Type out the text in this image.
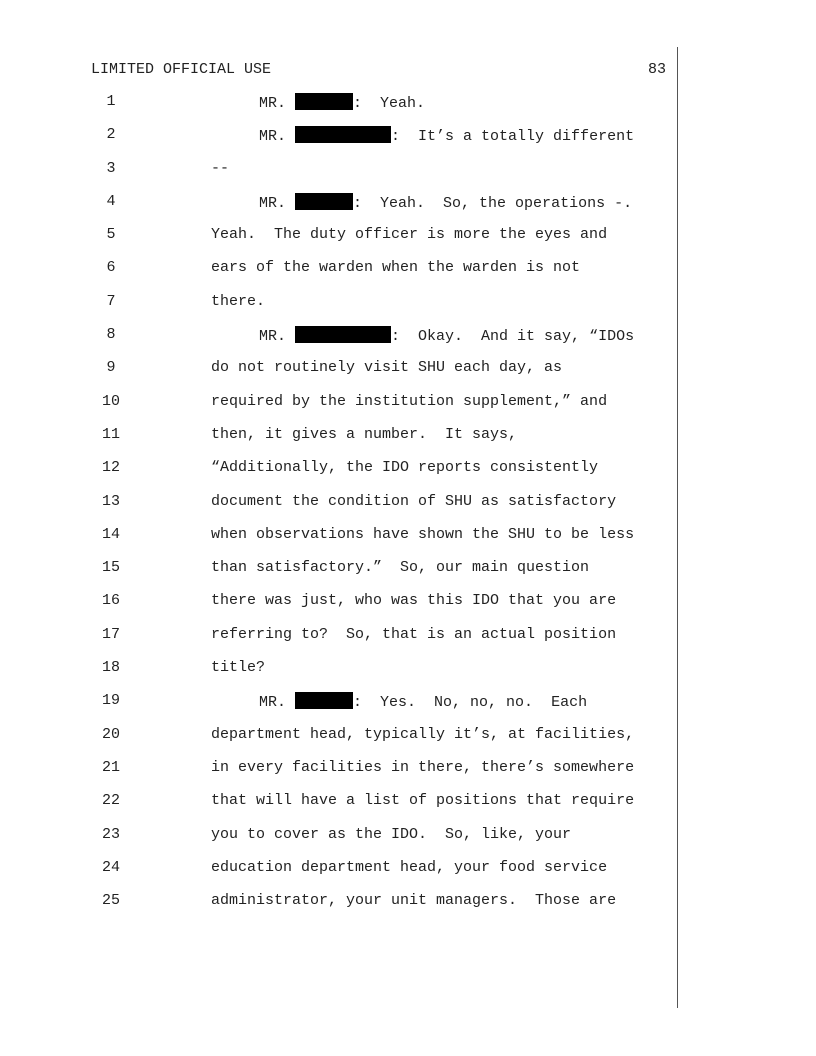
LIMITED OFFICIAL USE	83
1	MR.	:  Yeah.
2	MR.	:  It’s a totally different
3	--
4	MR.	:  Yeah.  So, the operations -.
5	Yeah.  The duty officer is more the eyes and
6	ears of the warden when the warden is not
7	there.
8	MR.	:  Okay.  And it say, “IDOs
9	do not routinely visit SHU each day, as
10	required by the institution supplement,” and
11	then, it gives a number.  It says,
12	“Additionally, the IDO reports consistently
13	document the condition of SHU as satisfactory
14	when observations have shown the SHU to be less
15	than satisfactory.”  So, our main question
16	there was just, who was this IDO that you are
17	referring to?  So, that is an actual position
18	title?
19	MR.	:  Yes.  No, no, no.  Each
20	department head, typically it’s, at facilities,
21	in every facilities in there, there’s somewhere
22	that will have a list of positions that require
23	you to cover as the IDO.  So, like, your
24	education department head, your food service
25	administrator, your unit managers.  Those are
